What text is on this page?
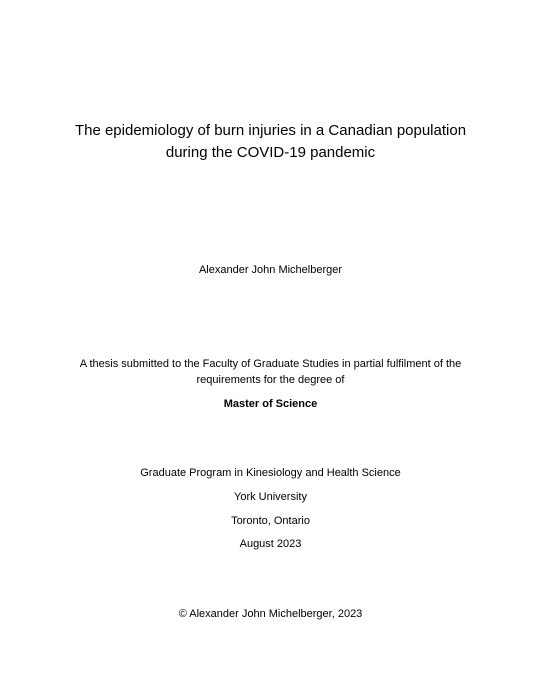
The epidemiology of burn injuries in a Canadian population
during the COVID-19 pandemic
Alexander John Michelberger
A thesis submitted to the Faculty of Graduate Studies in partial fulfilment of the
requirements for the degree of
Master of Science
Graduate Program in Kinesiology and Health Science
York University
Toronto, Ontario
August 2023
© Alexander John Michelberger, 2023
